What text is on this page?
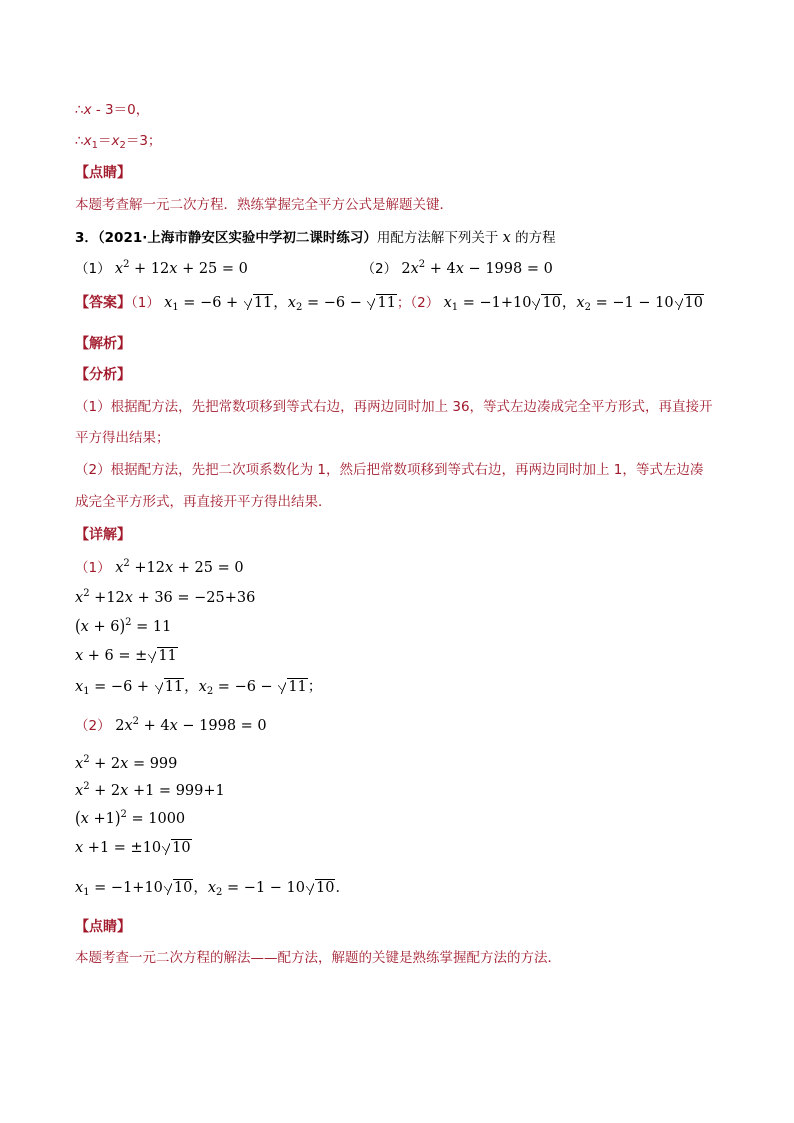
∴x - 3＝0，
$\therefore x_1=x_2=3$；
【点睛】
本题考查解一元二次方程．熟练掌握完全平方公式是解题关键．
3．（2021·上海市静安区实验中学初二课时练习）用配方法解下列关于 x 的方程
（1） $x^2 + 12x + 25 = 0$	（2） $2x^2 + 4x - 1998 = 0$
【答案】（1） $x_1 = -6 + 11$，$x_2 = -6 - 11$；（2） $x_1 = -1+10$ 10，$x_2 = -1 - 10$ 10
【解析】
【分析】
（1）根据配方法，先把常数项移到等式右边，再两边同时加上 36，等式左边凑成完全平方形式，再直接开
平方得出结果；
（2）根据配方法，先把二次项系数化为 1，然后把常数项移到等式右边，再两边同时加上 1，等式左边凑
成完全平方形式，再直接开平方得出结果．
【详解】
（1） $x^2 +12x + 25 = 0$
$x^2 +12x + 36 = -25+36$
$(x + 6)^2 = 11$
x + 6 = ± 11
$x_1 = -6 + 11$，$x_2 = -6 - 11$；
（2） $2x^2 + 4x - 1998 = 0$
$x^2 + 2x = 999$
$x^2 + 2x +1 = 999+1$
$(x +1)^2 = 1000$
x +1 = ±10 10
$x_1 = -1+10$ 10，$x_2 = -1 - 10$ 10．
【点睛】
本题考查一元二次方程的解法——配方法，解题的关键是熟练掌握配方法的方法．
